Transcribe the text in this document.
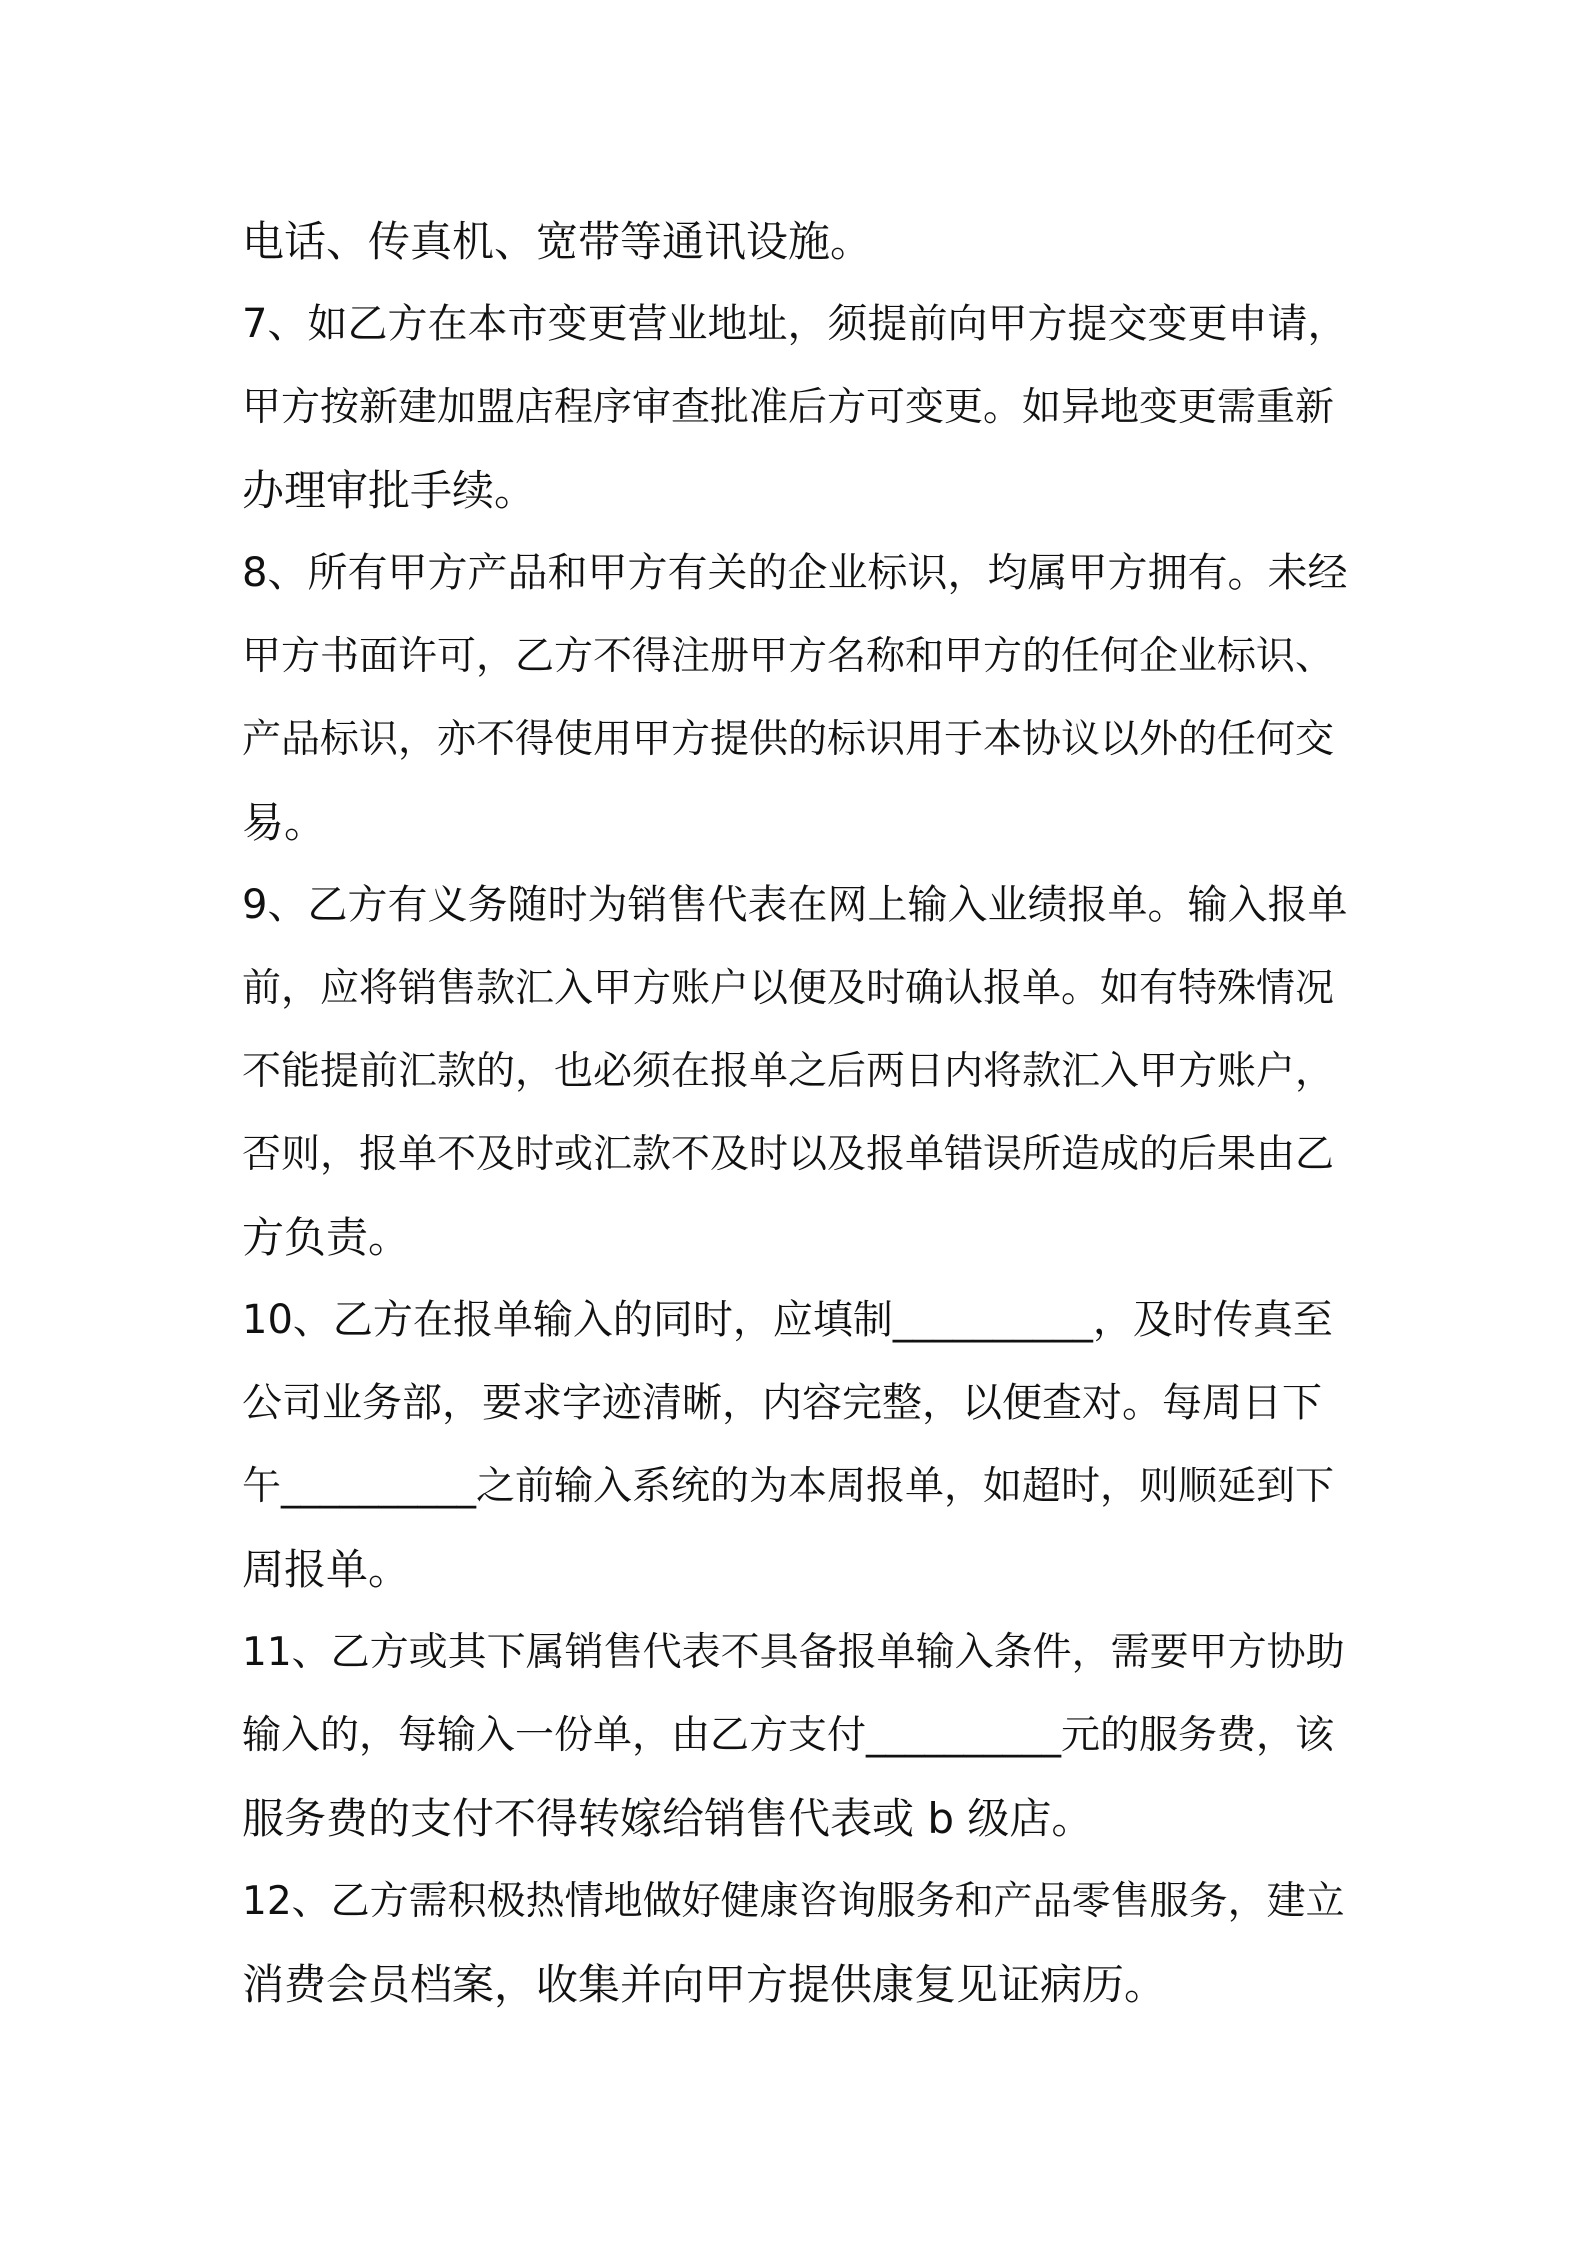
电话、传真机、宽带等通讯设施。

7、如乙方在本市变更营业地址，须提前向甲方提交变更申请，

甲方按新建加盟店程序审查批准后方可变更。如异地变更需重新

办理审批手续。

8、所有甲方产品和甲方有关的企业标识，均属甲方拥有。未经

甲方书面许可，乙方不得注册甲方名称和甲方的任何企业标识、

产品标识，亦不得使用甲方提供的标识用于本协议以外的任何交

易。

9、乙方有义务随时为销售代表在网上输入业绩报单。输入报单

前，应将销售款汇入甲方账户以便及时确认报单。如有特殊情况

不能提前汇款的，也必须在报单之后两日内将款汇入甲方账户，

否则，报单不及时或汇款不及时以及报单错误所造成的后果由乙

方负责。

10、乙方在报单输入的同时，应填制__________，及时传真至

公司业务部，要求字迹清晰，内容完整，以便查对。每周日下

午__________之前输入系统的为本周报单，如超时，则顺延到下

周报单。

11、乙方或其下属销售代表不具备报单输入条件，需要甲方协助

输入的，每输入一份单，由乙方支付__________元的服务费，该

服务费的支付不得转嫁给销售代表或 b 级店。

12、乙方需积极热情地做好健康咨询服务和产品零售服务，建立

消费会员档案，收集并向甲方提供康复见证病历。
